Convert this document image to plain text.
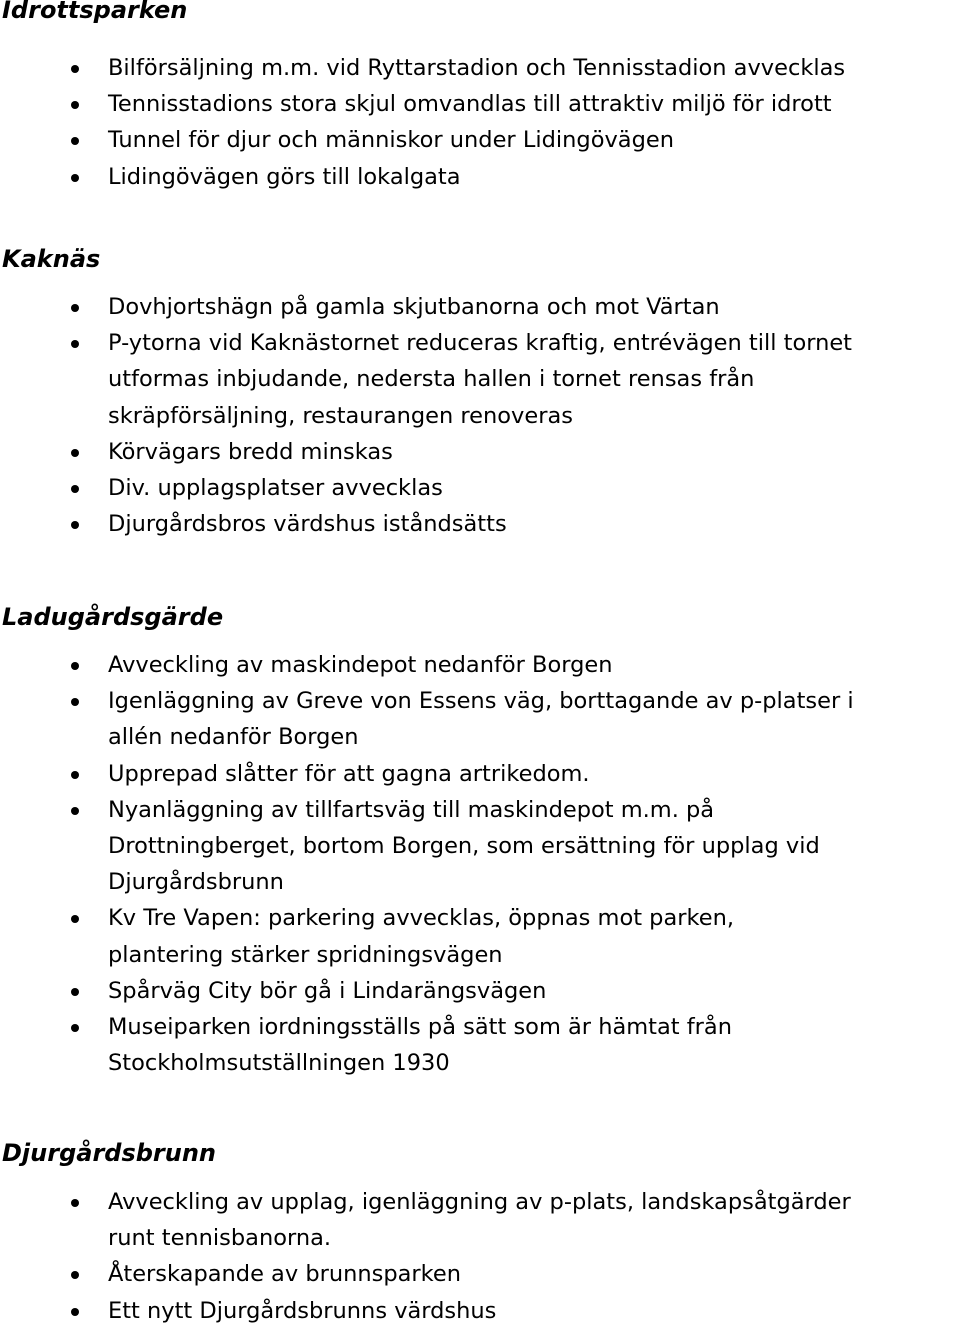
Idrottsparken
Bilförsäljning m.m. vid Ryttarstadion och Tennisstadion avvecklas
Tennisstadions stora skjul omvandlas till attraktiv miljö för idrott
Tunnel för djur och människor under Lidingövägen
Lidingövägen görs till lokalgata
Kaknäs
Dovhjortshägn på gamla skjutbanorna och mot Värtan
P-ytorna vid Kaknästornet reduceras kraftig, entrévägen till tornet
utformas inbjudande, nedersta hallen i tornet rensas från
skräpförsäljning, restaurangen renoveras
Körvägars bredd minskas
Div. upplagsplatser avvecklas
Djurgårdsbros värdshus iståndsätts
Ladugårdsgärde
Avveckling av maskindepot nedanför Borgen
Igenläggning av Greve von Essens väg, borttagande av p-platser i
allén nedanför Borgen
Upprepad slåtter för att gagna artrikedom.
Nyanläggning av tillfartsväg till maskindepot m.m. på
Drottningberget, bortom Borgen, som ersättning för upplag vid
Djurgårdsbrunn
Kv Tre Vapen: parkering avvecklas, öppnas mot parken,
plantering stärker spridningsvägen
Spårväg City bör gå i Lindarängsvägen
Museiparken iordningsställs på sätt som är hämtat från
Stockholmsutställningen 1930
Djurgårdsbrunn
Avveckling av upplag, igenläggning av p-plats, landskapsåtgärder
runt tennisbanorna.
Återskapande av brunnsparken
Ett nytt Djurgårdsbrunns värdshus
